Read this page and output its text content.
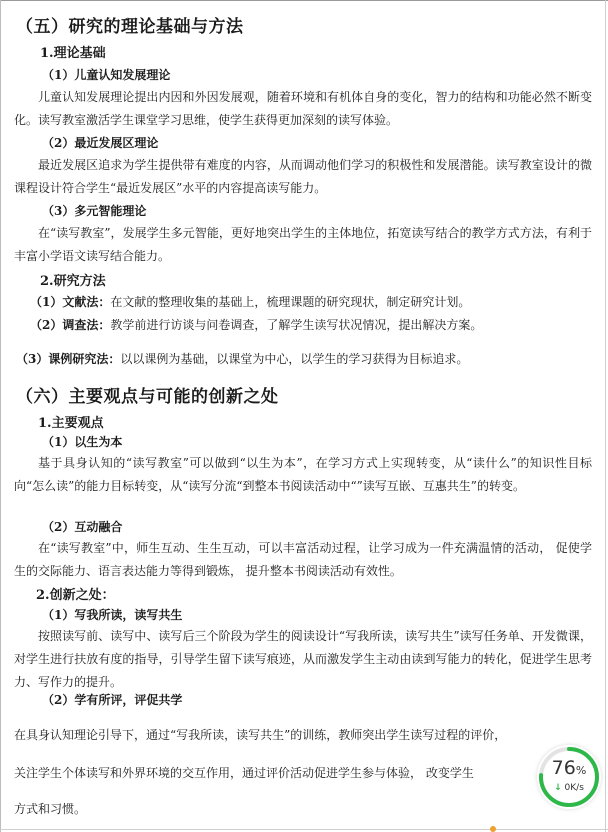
（五）研究的理论基础与方法
1.理论基础
（1）儿童认知发展理论
儿童认知发展理论提出内因和外因发展观，随着环境和有机体自身的变化，智力的结构和功能必然不断变化。读写教室激活学生课堂学习思维，使学生获得更加深刻的读写体验。
（2）最近发展区理论
最近发展区追求为学生提供带有难度的内容，从而调动他们学习的积极性和发展潜能。读写教室设计的微课程设计符合学生“最近发展区”水平的内容提高读写能力。
（3）多元智能理论
在“读写教室”，发展学生多元智能，更好地突出学生的主体地位，拓宽读写结合的教学方式方法，有利于丰富小学语文读写结合能力。
2.研究方法
（1）文献法：在文献的整理收集的基础上，梳理课题的研究现状，制定研究计划。
（2）调查法：教学前进行访谈与问卷调查，了解学生读写状况情况，提出解决方案。
（3）课例研究法：以以课例为基础，以课堂为中心，以学生的学习获得为目标追求。
（六）主要观点与可能的创新之处
1.主要观点
（1）以生为本
基于具身认知的“读写教室”可以做到“以生为本”，在学习方式上实现转变，从“读什么”的知识性目标向“怎么读”的能力目标转变，从“读写分流“到整本书阅读活动中“”读写互嵌、互惠共生”的转变。
（2）互动融合
在“读写教室”中，师生互动、生生互动，可以丰富活动过程，让学习成为一件充满温情的活动， 促使学生的交际能力、语言表达能力等得到锻炼， 提升整本书阅读活动有效性。
2.创新之处：
（1）写我所读，读写共生
按照读写前、读写中、读写后三个阶段为学生的阅读设计“写我所读，读写共生”读写任务单、开发微课，对学生进行扶放有度的指导，引导学生留下读写痕迹，从而激发学生主动由读到写能力的转化，促进学生思考力、写作力的提升。
（2）学有所评，评促共学
在具身认知理论引导下，通过“写我所读，读写共生”的训练，教师突出学生读写过程的评价，
关注学生个体读写和外界环境的交互作用，通过评价活动促进学生参与体验， 改变学生
方式和习惯。
76%
↓ 0K/s
